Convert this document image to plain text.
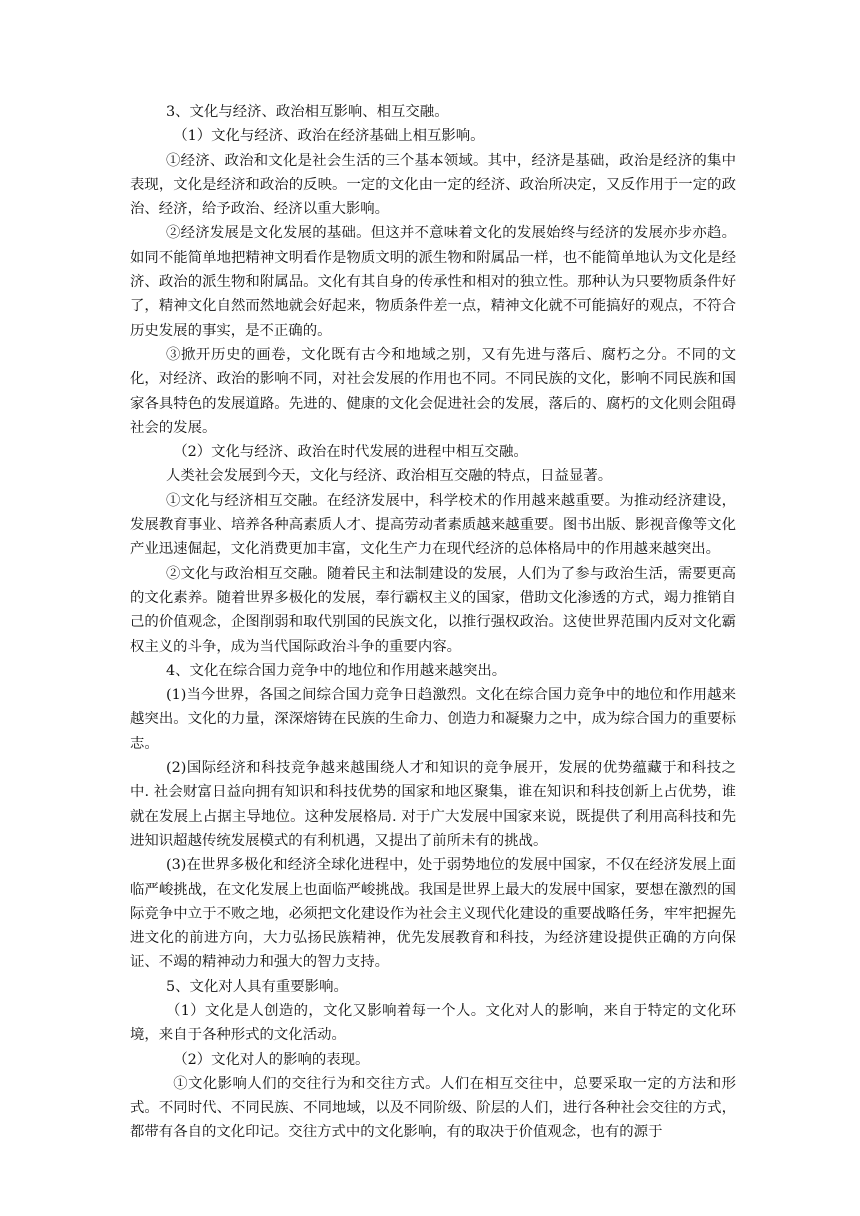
3、文化与经济、政治相互影响、相互交融。

（1）文化与经济、政治在经济基础上相互影响。

①经济、政治和文化是社会生活的三个基本领域。其中，经济是基础，政治是经济的集中表现，文化是经济和政治的反映。一定的文化由一定的经济、政治所决定，又反作用于一定的政治、经济，给予政治、经济以重大影响。

②经济发展是文化发展的基础。但这并不意味着文化的发展始终与经济的发展亦步亦趋。如同不能简单地把精神文明看作是物质文明的派生物和附属品一样，也不能简单地认为文化是经济、政治的派生物和附属品。文化有其自身的传承性和相对的独立性。那种认为只要物质条件好了，精神文化自然而然地就会好起来，物质条件差一点，精神文化就不可能搞好的观点，不符合历史发展的事实，是不正确的。

③掀开历史的画卷，文化既有古今和地域之别，又有先进与落后、腐朽之分。不同的文化，对经济、政治的影响不同，对社会发展的作用也不同。不同民族的文化，影响不同民族和国家各具特色的发展道路。先进的、健康的文化会促进社会的发展，落后的、腐朽的文化则会阻碍社会的发展。

（2）文化与经济、政治在时代发展的进程中相互交融。

人类社会发展到今天，文化与经济、政治相互交融的特点，日益显著。

①文化与经济相互交融。在经济发展中，科学校术的作用越来越重要。为推动经济建设，发展教育事业、培养各种高素质人才、提高劳动者素质越来越重要。图书出版、影视音像等文化产业迅速倔起，文化消费更加丰富，文化生产力在现代经济的总体格局中的作用越来越突出。

②文化与政治相互交融。随着民主和法制建设的发展，人们为了参与政治生活，需要更高的文化素养。随着世界多极化的发展，奉行霸权主义的国家，借助文化渗透的方式，竭力推销自己的价值观念，企图削弱和取代别国的民族文化，以推行强权政治。这使世界范围内反对文化霸权主义的斗争，成为当代国际政治斗争的重要内容。

4、文化在综合国力竞争中的地位和作用越来越突出。

(1)当今世界，各国之间综合国力竞争日趋激烈。文化在综合国力竞争中的地位和作用越来越突出。文化的力量，深深熔铸在民族的生命力、创造力和凝聚力之中，成为综合国力的重要标志。

(2)国际经济和科技竞争越来越围绕人才和知识的竞争展开，发展的优势蕴藏于和科技之中. 社会财富日益向拥有知识和科技优势的国家和地区聚集，谁在知识和科技创新上占优势，谁就在发展上占据主导地位。这种发展格局. 对于广大发展中国家来说，既提供了利用高科技和先进知识超越传统发展模式的有利机遇，又提出了前所未有的挑战。

(3)在世界多极化和经济全球化进程中，处于弱势地位的发展中国家，不仅在经济发展上面临严峻挑战，在文化发展上也面临严峻挑战。我国是世界上最大的发展中国家，要想在激烈的国际竞争中立于不败之地，必须把文化建设作为社会主义现代化建设的重要战略任务，牢牢把握先进文化的前进方向，大力弘扬民族精神，优先发展教育和科技，为经济建设提供正确的方向保证、不竭的精神动力和强大的智力支持。

5、文化对人具有重要影响。

（1）文化是人创造的，文化又影响着每一个人。文化对人的影响，来自于特定的文化环境，来自于各种形式的文化活动。

（2）文化对人的影响的表现。

①文化影响人们的交往行为和交往方式。人们在相互交往中，总要采取一定的方法和形式。不同时代、不同民族、不同地域，以及不同阶级、阶层的人们，进行各种社会交往的方式，都带有各自的文化印记。交往方式中的文化影响，有的取决于价值观念，也有的源于
